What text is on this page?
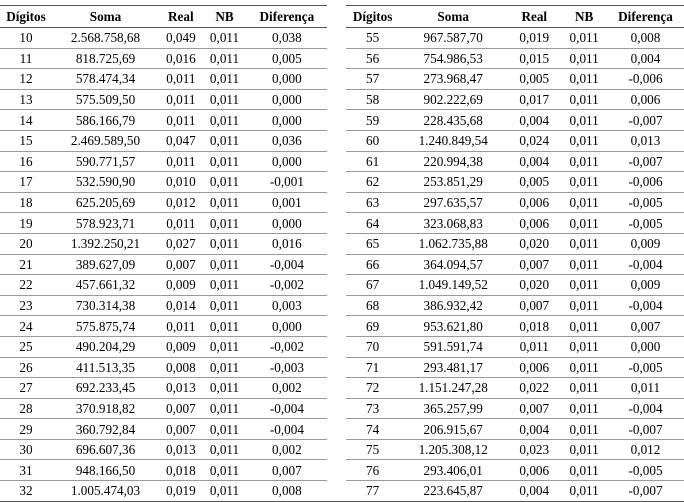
Dígitos	Soma	Real	NB	Diferença		Dígitos	Soma	Real	NB	Diferença
10	2.568.758,68	0,049	0,011	0,038		55	967.587,70	0,019	0,011	0,008
11	818.725,69	0,016	0,011	0,005		56	754.986,53	0,015	0,011	0,004
12	578.474,34	0,011	0,011	0,000		57	273.968,47	0,005	0,011	-0,006
13	575.509,50	0,011	0,011	0,000		58	902.222,69	0,017	0,011	0,006
14	586.166,79	0,011	0,011	0,000		59	228.435,68	0,004	0,011	-0,007
15	2.469.589,50	0,047	0,011	0,036		60	1.240.849,54	0,024	0,011	0,013
16	590.771,57	0,011	0,011	0,000		61	220.994,38	0,004	0,011	-0,007
17	532.590,90	0,010	0,011	-0,001		62	253.851,29	0,005	0,011	-0,006
18	625.205,69	0,012	0,011	0,001		63	297.635,57	0,006	0,011	-0,005
19	578.923,71	0,011	0,011	0,000		64	323.068,83	0,006	0,011	-0,005
20	1.392.250,21	0,027	0,011	0,016		65	1.062.735,88	0,020	0,011	0,009
21	389.627,09	0,007	0,011	-0,004		66	364.094,57	0,007	0,011	-0,004
22	457.661,32	0,009	0,011	-0,002		67	1.049.149,52	0,020	0,011	0,009
23	730.314,38	0,014	0,011	0,003		68	386.932,42	0,007	0,011	-0,004
24	575.875,74	0,011	0,011	0,000		69	953.621,80	0,018	0,011	0,007
25	490.204,29	0,009	0,011	-0,002		70	591.591,74	0,011	0,011	0,000
26	411.513,35	0,008	0,011	-0,003		71	293.481,17	0,006	0,011	-0,005
27	692.233,45	0,013	0,011	0,002		72	1.151.247,28	0,022	0,011	0,011
28	370.918,82	0,007	0,011	-0,004		73	365.257,99	0,007	0,011	-0,004
29	360.792,84	0,007	0,011	-0,004		74	206.915,67	0,004	0,011	-0,007
30	696.607,36	0,013	0,011	0,002		75	1.205.308,12	0,023	0,011	0,012
31	948.166,50	0,018	0,011	0,007		76	293.406,01	0,006	0,011	-0,005
32	1.005.474,03	0,019	0,011	0,008		77	223.645,87	0,004	0,011	-0,007
